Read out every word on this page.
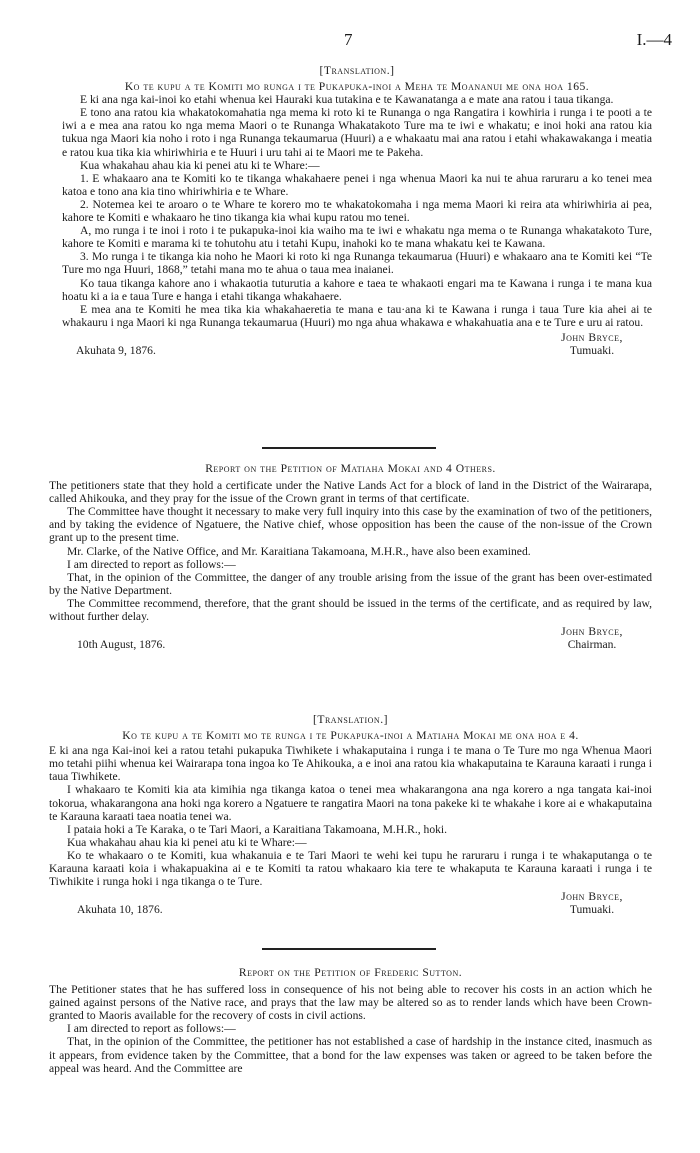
7	I.—4

[Translation.]

Ko te kupu a te Komiti mo runga i te Pukapuka-inoi a Meha te Moananui me ona hoa 165.

E ki ana nga kai-inoi ko etahi whenua kei Hauraki kua tutakina e te Kawanatanga a e mate ana ratou i taua tikanga.

E tono ana ratou kia whakatokomahatia nga mema ki roto ki te Runanga o nga Rangatira i kowhiria i runga i te pooti a te iwi a e mea ana ratou ko nga mema Maori o te Runanga Whakatakoto Ture ma te iwi e whakatu; e inoi hoki ana ratou kia tukua nga Maori kia noho i roto i nga Runanga tekaumarua (Huuri) a e whakaatu mai ana ratou i etahi whakawakanga i meatia e ratou kua tika kia whiriwhiria e te Huuri i uru tahi ai te Maori me te Pakeha.

Kua whakahau ahau kia ki penei atu ki te Whare:—

1. E whakaaro ana te Komiti ko te tikanga whakahaere penei i nga whenua Maori ka nui te ahua raruraru a ko tenei mea katoa e tono ana kia tino whiriwhiria e te Whare.

2. Notemea kei te aroaro o te Whare te korero mo te whakatokomaha i nga mema Maori ki reira ata whiriwhiria ai pea, kahore te Komiti e whakaaro he tino tikanga kia whai kupu ratou mo tenei.

A, mo runga i te inoi i roto i te pukapuka-inoi kia waiho ma te iwi e whakatu nga mema o te Runanga whakatakoto Ture, kahore te Komiti e marama ki te tohutohu atu i tetahi Kupu, inahoki ko te mana whakatu kei te Kawana.

3. Mo runga i te tikanga kia noho he Maori ki roto ki nga Runanga tekaumarua (Huuri) e whakaaro ana te Komiti kei “Te Ture mo nga Huuri, 1868,” tetahi mana mo te ahua o taua mea inaianei.

Ko taua tikanga kahore ano i whakaotia tuturutia a kahore e taea te whakaoti engari ma te Kawana i runga i te mana kua hoatu ki a ia e taua Ture e hanga i etahi tikanga whakahaere.

E mea ana te Komiti he mea tika kia whakahaeretia te mana e tau·ana ki te Kawana i runga i taua Ture kia ahei ai te whakauru i nga Maori ki nga Runanga tekaumarua (Huuri) mo nga ahua whakawa e whakahuatia ana e te Ture e uru ai ratou.

Akuhata 9, 1876.
John Bryce,
Tumuaki.

Report on the Petition of Matiaha Mokai and 4 Others.

The petitioners state that they hold a certificate under the Native Lands Act for a block of land in the District of the Wairarapa, called Ahikouka, and they pray for the issue of the Crown grant in terms of that certificate.

The Committee have thought it necessary to make very full inquiry into this case by the examination of two of the petitioners, and by taking the evidence of Ngatuere, the Native chief, whose opposition has been the cause of the non-issue of the Crown grant up to the present time.

Mr. Clarke, of the Native Office, and Mr. Karaitiana Takamoana, M.H.R., have also been examined.

I am directed to report as follows:—

That, in the opinion of the Committee, the danger of any trouble arising from the issue of the grant has been over-estimated by the Native Department.

The Committee recommend, therefore, that the grant should be issued in the terms of the certificate, and as required by law, without further delay.

10th August, 1876.
John Bryce,
Chairman.

[Translation.]

Ko te kupu a te Komiti mo te runga i te Pukapuka-inoi a Matiaha Mokai me ona hoa e 4.

E ki ana nga Kai-inoi kei a ratou tetahi pukapuka Tiwhikete i whakaputaina i runga i te mana o Te Ture mo nga Whenua Maori mo tetahi piihi whenua kei Wairarapa tona ingoa ko Te Ahikouka, a e inoi ana ratou kia whakaputaina te Karauna karaati i runga i taua Tiwhikete.

I whakaaro te Komiti kia ata kimihia nga tikanga katoa o tenei mea whakarangona ana nga korero a nga tangata kai-inoi tokorua, whakarangona ana hoki nga korero a Ngatuere te rangatira Maori na tona pakeke ki te whakahe i kore ai e whakaputaina te Karauna karaati taea noatia tenei wa.

I pataia hoki a Te Karaka, o te Tari Maori, a Karaitiana Takamoana, M.H.R., hoki.

Kua whakahau ahau kia ki penei atu ki te Whare:—

Ko te whakaaro o te Komiti, kua whakanuia e te Tari Maori te wehi kei tupu he raruraru i runga i te whakaputanga o te Karauna karaati koia i whakapuakina ai e te Komiti ta ratou whakaaro kia tere te whakaputa te Karauna karaati i runga i te Tiwhikite i runga hoki i nga tikanga o te Ture.

Akuhata 10, 1876.
John Bryce,
Tumuaki.

Report on the Petition of Frederic Sutton.

The Petitioner states that he has suffered loss in consequence of his not being able to recover his costs in an action which he gained against persons of the Native race, and prays that the law may be altered so as to render lands which have been Crown-granted to Maoris available for the recovery of costs in civil actions.

I am directed to report as follows:—

That, in the opinion of the Committee, the petitioner has not established a case of hardship in the instance cited, inasmuch as it appears, from evidence taken by the Committee, that a bond for the law expenses was taken or agreed to be taken before the appeal was heard. And the Committee are
